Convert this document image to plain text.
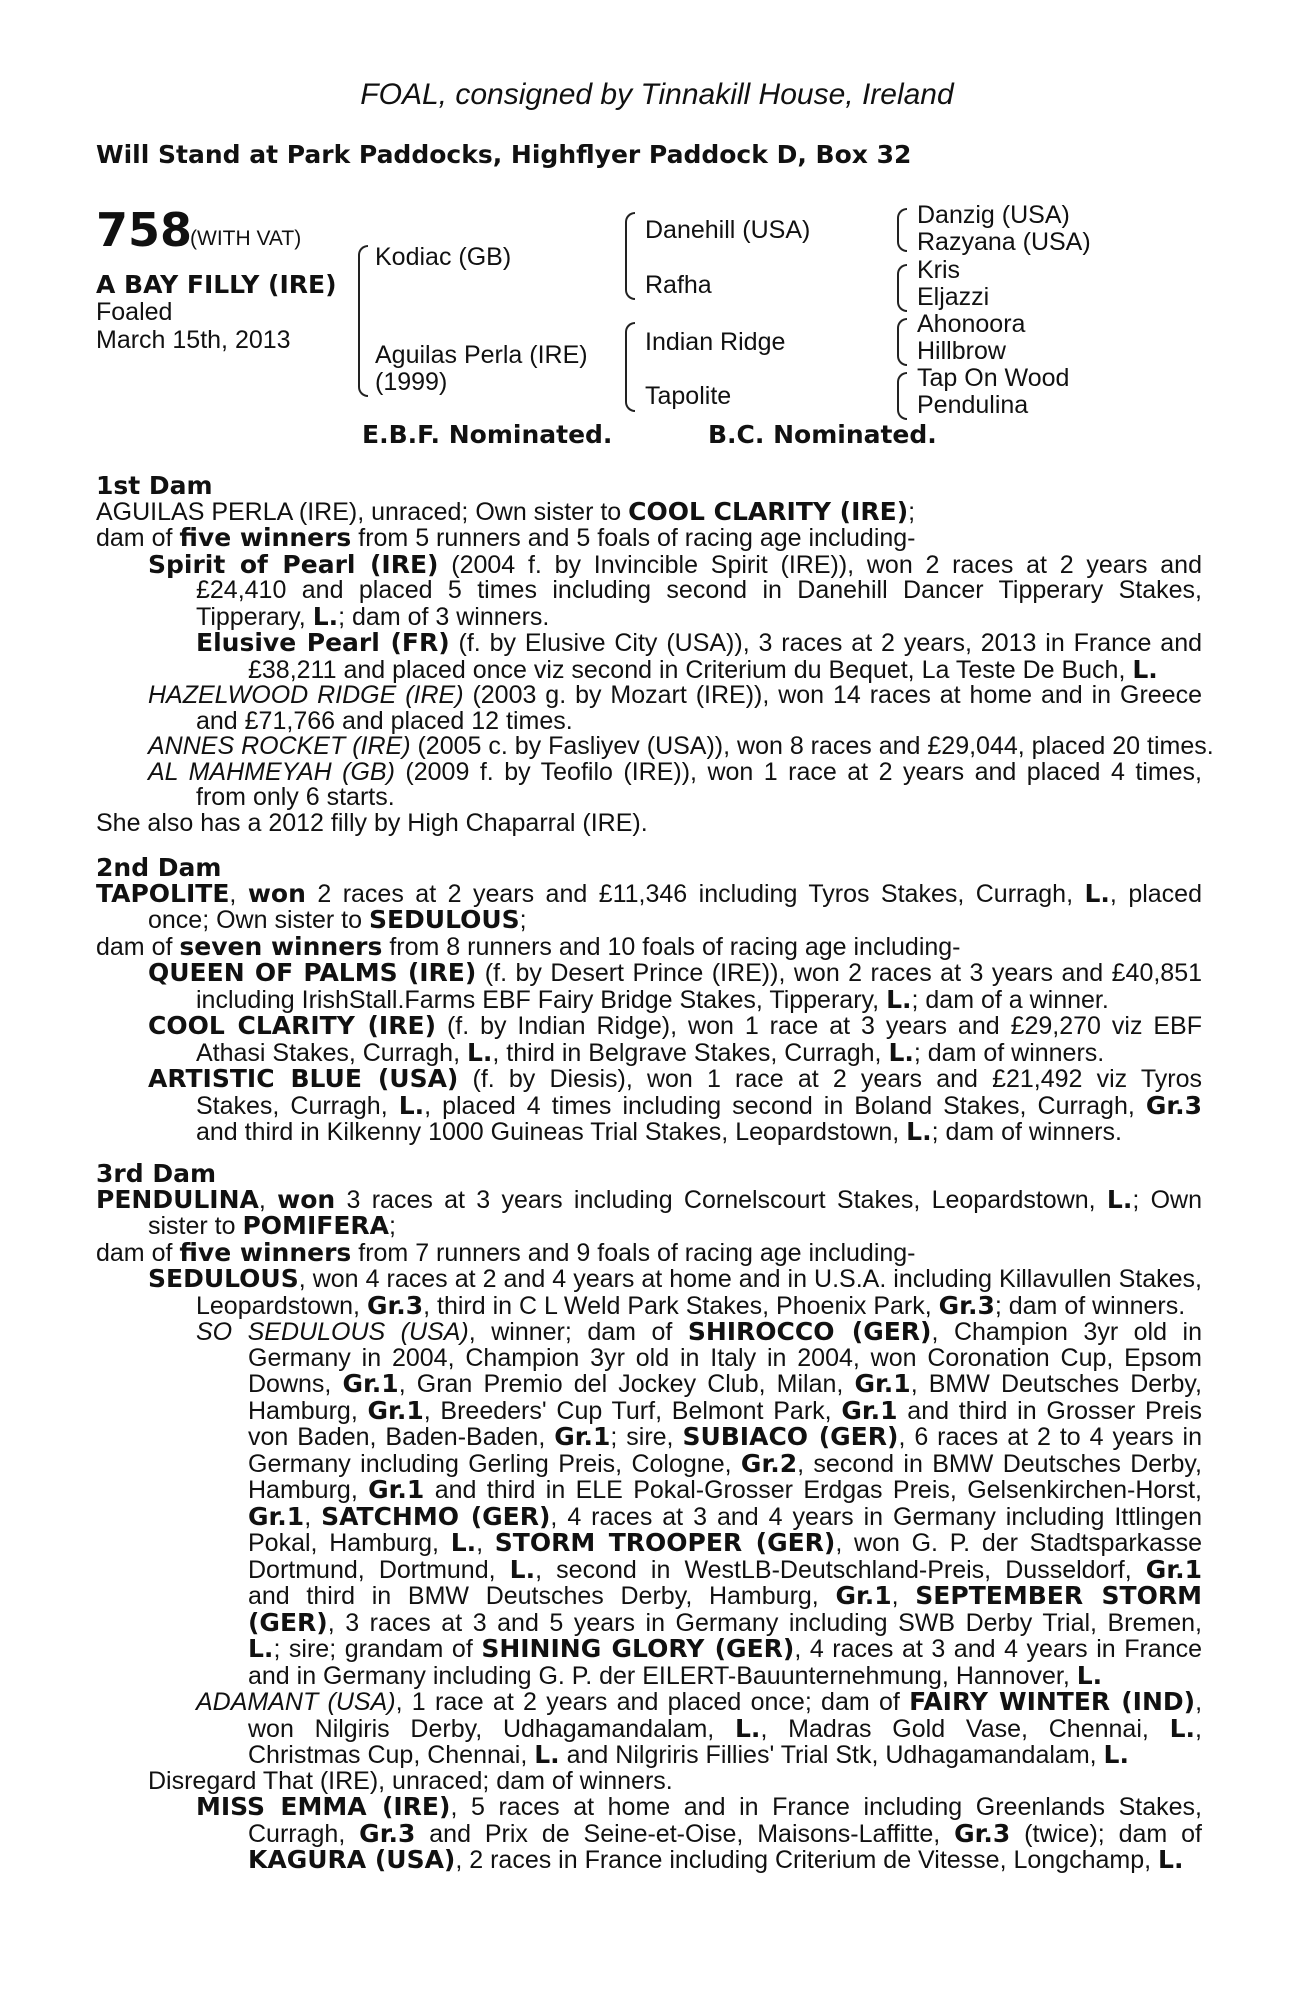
FOAL, consigned by Tinnakill House, Ireland
Will Stand at Park Paddocks, Highflyer Paddock D, Box 32
758
(WITH VAT)
A BAY FILLY (IRE)
Foaled
March 15th, 2013
Kodiac (GB)
Aguilas Perla (IRE)
(1999)
Danehill (USA)
Rafha
Indian Ridge
Tapolite
Danzig (USA)
Razyana (USA)
Kris
Eljazzi
Ahonoora
Hillbrow
Tap On Wood
Pendulina
E.B.F. Nominated.	B.C. Nominated.

1st Dam

AGUILAS PERLA (IRE), unraced; Own sister to COOL CLARITY (IRE);

dam of five winners from 5 runners and 5 foals of racing age including-

Spirit of Pearl (IRE) (2004 f. by Invincible Spirit (IRE)), won 2 races at 2 years and

£24,410 and placed 5 times including second in Danehill Dancer Tipperary Stakes,

Tipperary, L.; dam of 3 winners.

Elusive Pearl (FR) (f. by Elusive City (USA)), 3 races at 2 years, 2013 in France and

£38,211 and placed once viz second in Criterium du Bequet, La Teste De Buch, L.

HAZELWOOD RIDGE (IRE) (2003 g. by Mozart (IRE)), won 14 races at home and in Greece

and £71,766 and placed 12 times.

ANNES ROCKET (IRE) (2005 c. by Fasliyev (USA)), won 8 races and £29,044, placed 20 times.

AL MAHMEYAH (GB) (2009 f. by Teofilo (IRE)), won 1 race at 2 years and placed 4 times,

from only 6 starts.

She also has a 2012 filly by High Chaparral (IRE).

2nd Dam

TAPOLITE, won 2 races at 2 years and £11,346 including Tyros Stakes, Curragh, L., placed

once; Own sister to SEDULOUS;

dam of seven winners from 8 runners and 10 foals of racing age including-

QUEEN OF PALMS (IRE) (f. by Desert Prince (IRE)), won 2 races at 3 years and £40,851

including IrishStall.Farms EBF Fairy Bridge Stakes, Tipperary, L.; dam of a winner.

COOL CLARITY (IRE) (f. by Indian Ridge), won 1 race at 3 years and £29,270 viz EBF

Athasi Stakes, Curragh, L., third in Belgrave Stakes, Curragh, L.; dam of winners.

ARTISTIC BLUE (USA) (f. by Diesis), won 1 race at 2 years and £21,492 viz Tyros

Stakes, Curragh, L., placed 4 times including second in Boland Stakes, Curragh, Gr.3

and third in Kilkenny 1000 Guineas Trial Stakes, Leopardstown, L.; dam of winners.

3rd Dam

PENDULINA, won 3 races at 3 years including Cornelscourt Stakes, Leopardstown, L.; Own

sister to POMIFERA;

dam of five winners from 7 runners and 9 foals of racing age including-

SEDULOUS, won 4 races at 2 and 4 years at home and in U.S.A. including Killavullen Stakes,

Leopardstown, Gr.3, third in C L Weld Park Stakes, Phoenix Park, Gr.3; dam of winners.

SO SEDULOUS (USA), winner; dam of SHIROCCO (GER), Champion 3yr old in

Germany in 2004, Champion 3yr old in Italy in 2004, won Coronation Cup, Epsom

Downs, Gr.1, Gran Premio del Jockey Club, Milan, Gr.1, BMW Deutsches Derby,

Hamburg, Gr.1, Breeders' Cup Turf, Belmont Park, Gr.1 and third in Grosser Preis

von Baden, Baden-Baden, Gr.1; sire, SUBIACO (GER), 6 races at 2 to 4 years in

Germany including Gerling Preis, Cologne, Gr.2, second in BMW Deutsches Derby,

Hamburg, Gr.1 and third in ELE Pokal-Grosser Erdgas Preis, Gelsenkirchen-Horst,

Gr.1, SATCHMO (GER), 4 races at 3 and 4 years in Germany including Ittlingen

Pokal, Hamburg, L., STORM TROOPER (GER), won G. P. der Stadtsparkasse

Dortmund, Dortmund, L., second in WestLB-Deutschland-Preis, Dusseldorf, Gr.1

and third in BMW Deutsches Derby, Hamburg, Gr.1, SEPTEMBER STORM

(GER), 3 races at 3 and 5 years in Germany including SWB Derby Trial, Bremen,

L.; sire; grandam of SHINING GLORY (GER), 4 races at 3 and 4 years in France

and in Germany including G. P. der EILERT-Bauunternehmung, Hannover, L.

ADAMANT (USA), 1 race at 2 years and placed once; dam of FAIRY WINTER (IND),

won Nilgiris Derby, Udhagamandalam, L., Madras Gold Vase, Chennai, L.,

Christmas Cup, Chennai, L. and Nilgriris Fillies' Trial Stk, Udhagamandalam, L.

Disregard That (IRE), unraced; dam of winners.

MISS EMMA (IRE), 5 races at home and in France including Greenlands Stakes,

Curragh, Gr.3 and Prix de Seine-et-Oise, Maisons-Laffitte, Gr.3 (twice); dam of

KAGURA (USA), 2 races in France including Criterium de Vitesse, Longchamp, L.
